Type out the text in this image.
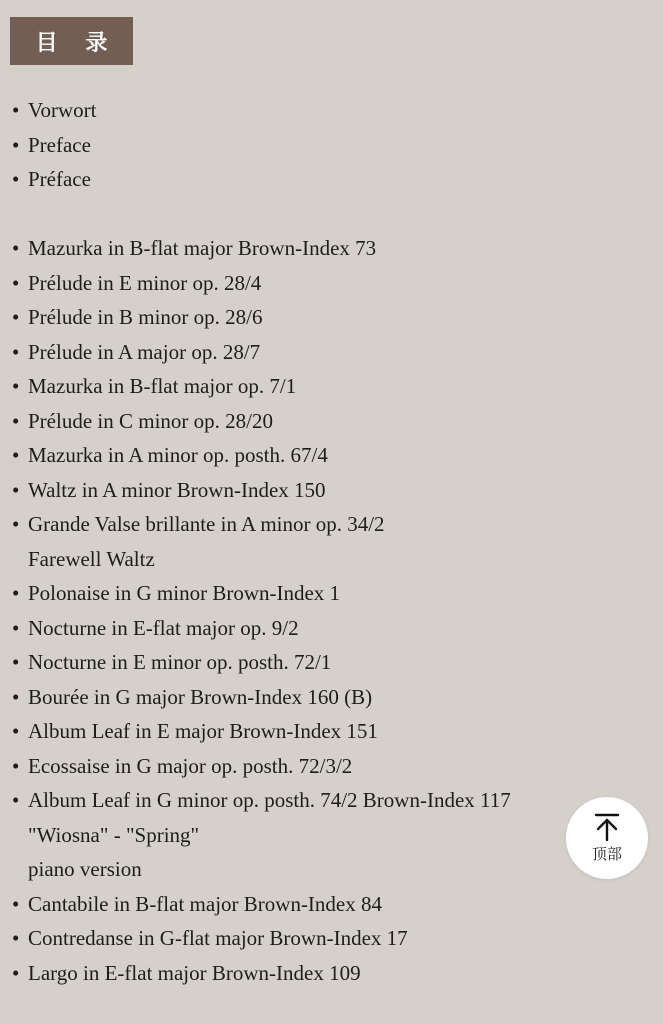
目 录
• Vorwort
• Preface
• Préface
• Mazurka in B-flat major Brown-Index 73
• Prélude in E minor op. 28/4
• Prélude in B minor op. 28/6
• Prélude in A major op. 28/7
• Mazurka in B-flat major op. 7/1
• Prélude in C minor op. 28/20
• Mazurka in A minor op. posth. 67/4
• Waltz in A minor Brown-Index 150
• Grande Valse brillante in A minor op. 34/2
Farewell Waltz
• Polonaise in G minor Brown-Index 1
• Nocturne in E-flat major op. 9/2
• Nocturne in E minor op. posth. 72/1
• Bourée in G major Brown-Index 160 (B)
• Album Leaf in E major Brown-Index 151
• Ecossaise in G major op. posth. 72/3/2
• Album Leaf in G minor op. posth. 74/2 Brown-Index 117
"Wiosna" - "Spring"
piano version
• Cantabile in B-flat major Brown-Index 84
• Contredanse in G-flat major Brown-Index 17
• Largo in E-flat major Brown-Index 109
顶部
